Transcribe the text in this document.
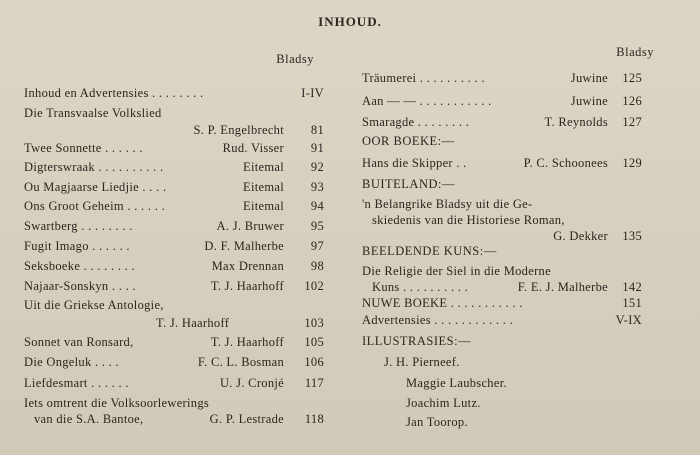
INHOUD.
Bladsy
Inhoud en Advertensies . . . . . . . .	I-IV
Die Transvaalse Volkslied
S. P. Engelbrecht	81
Twee Sonnette . . . . . .	Rud. Visser	91
Digterswraak . . . . . . . . . .	Eitemal	92
Ou Magjaarse Liedjie . . . .	Eitemal	93
Ons Groot Geheim . . . . . .	Eitemal	94
Swartberg . . . . . . . .	A. J. Bruwer	95
Fugit Imago . . . . . .	D. F. Malherbe	97
Seksboeke . . . . . . . .	Max Drennan	98
Najaar-Sonskyn . . . .	T. J. Haarhoff	102
Uit die Griekse Antologie,
T. J. Haarhoff	103
Sonnet van Ronsard,	T. J. Haarhoff	105
Die Ongeluk . . . .	F. C. L. Bosman	106
Liefdesmart . . . . . .	U. J. Cronjé	117
Iets omtrent die Volksoorlewerings
van die S.A. Bantoe,	G. P. Lestrade	118
Bladsy
Träumerei . . . . . . . . . .	Juwine	125
Aan — — . . . . . . . . . . .	Juwine	126
Smaragde . . . . . . . .	T. Reynolds	127
OOR BOEKE:—
Hans die Skipper . .	P. C. Schoonees	129
BUITELAND:—
'n Belangrike Bladsy uit die Ge-
skiedenis van die Historiese Roman,
G. Dekker	135
BEELDENDE KUNS:—
Die Religie der Siel in die Moderne
Kuns . . . . . . . . . .	F. E. J. Malherbe	142
NUWE BOEKE . . . . . . . . . . .	151
Advertensies . . . . . . . . . . . .	V-IX
ILLUSTRASIES:—
J. H. Pierneef.
Maggie Laubscher.
Joachim Lutz.
Jan Toorop.
